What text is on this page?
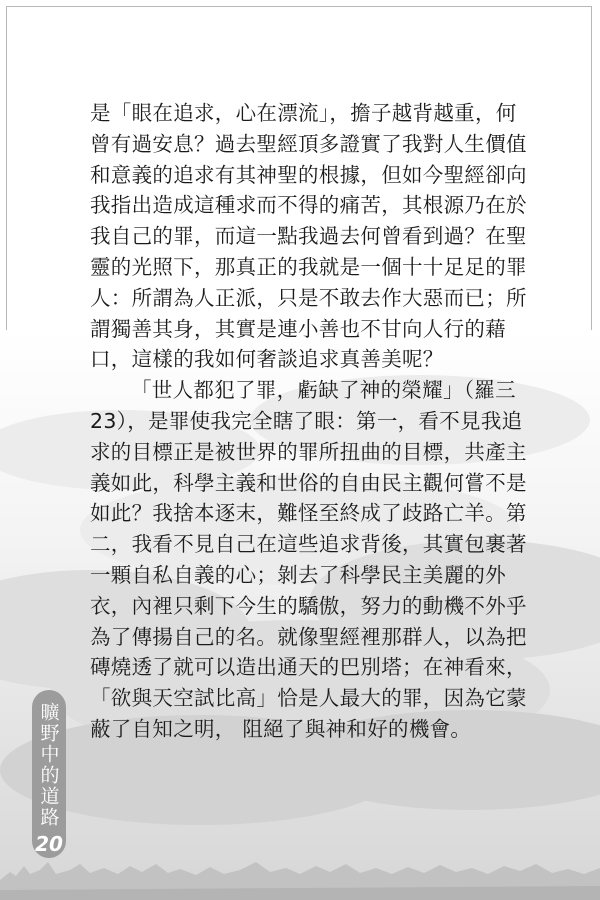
是「眼在追求，心在漂流」，擔子越背越重，何曾有過安息？過去聖經頂多證實了我對人生價值和意義的追求有其神聖的根據，但如今聖經卻向我指出造成這種求而不得的痛苦，其根源乃在於我自己的罪，而這一點我過去何曾看到過？在聖靈的光照下，那真正的我就是一個十十足足的罪人：所謂為人正派，只是不敢去作大惡而已；所謂獨善其身，其實是連小善也不甘向人行的藉口，這樣的我如何奢談追求真善美呢？

「世人都犯了罪，虧缺了神的榮耀」（羅三23），是罪使我完全瞎了眼：第一，看不見我追求的目標正是被世界的罪所扭曲的目標，共產主義如此，科學主義和世俗的自由民主觀何嘗不是如此？我捨本逐末，難怪至終成了歧路亡羊。第二，我看不見自己在這些追求背後，其實包裹著一顆自私自義的心；剝去了科學民主美麗的外衣，內裡只剩下今生的驕傲，努力的動機不外乎為了傳揚自己的名。就像聖經裡那群人，以為把磚燒透了就可以造出通天的巴別塔；在神看來，「欲與天空試比高」恰是人最大的罪，因為它蒙蔽了自知之明， 阻絕了與神和好的機會。

曠野中的道路
20
